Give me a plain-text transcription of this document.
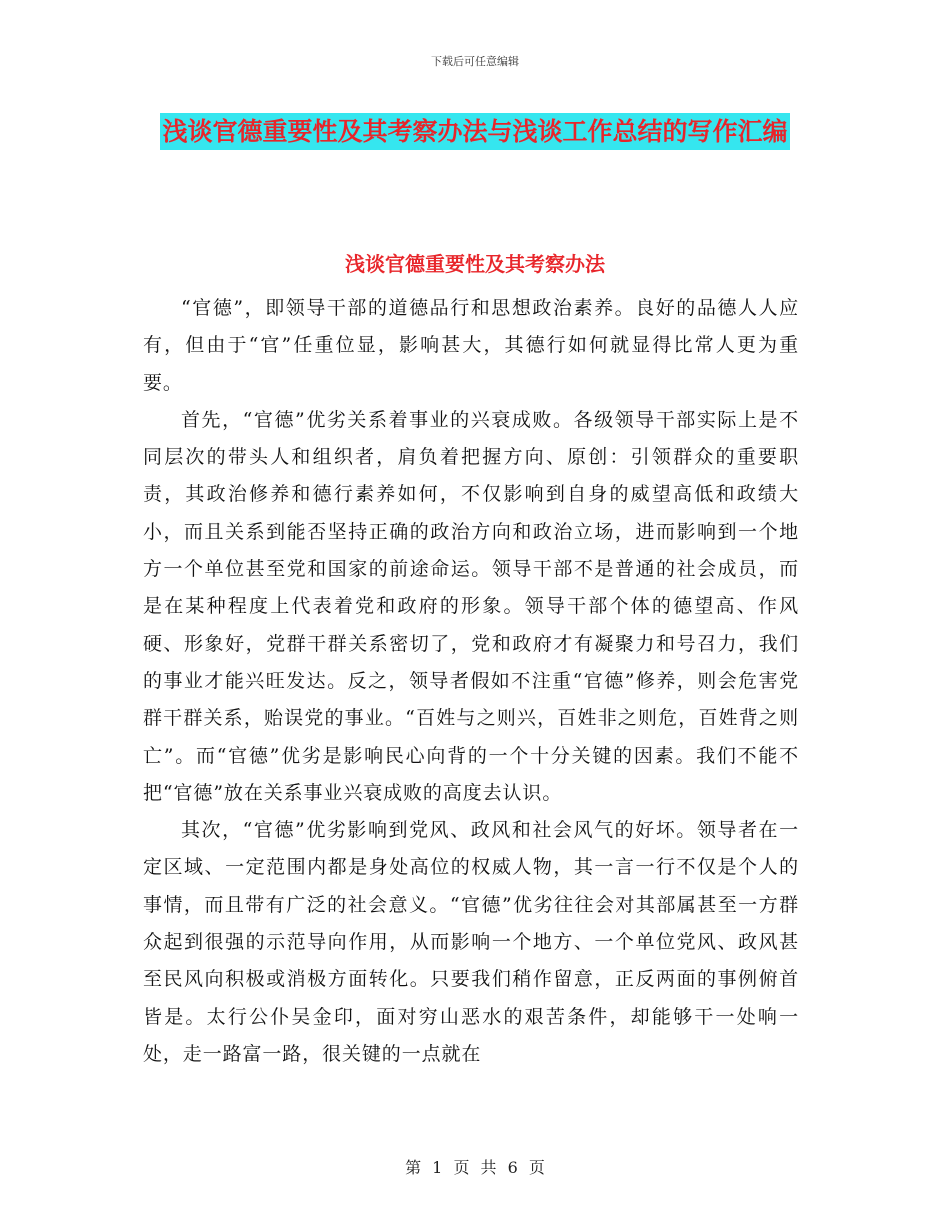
下载后可任意编辑
浅谈官德重要性及其考察办法与浅谈工作总结的写作汇编
浅谈官德重要性及其考察办法

“官德”，即领导干部的道德品行和思想政治素养。良好的品德人人应有，但由于“官”任重位显，影响甚大，其德行如何就显得比常人更为重要。

首先，“官德”优劣关系着事业的兴衰成败。各级领导干部实际上是不同层次的带头人和组织者，肩负着把握方向、原创：引领群众的重要职责，其政治修养和德行素养如何，不仅影响到自身的威望高低和政绩大小，而且关系到能否坚持正确的政治方向和政治立场，进而影响到一个地方一个单位甚至党和国家的前途命运。领导干部不是普通的社会成员，而是在某种程度上代表着党和政府的形象。领导干部个体的德望高、作风硬、形象好，党群干群关系密切了，党和政府才有凝聚力和号召力，我们的事业才能兴旺发达。反之，领导者假如不注重“官德”修养，则会危害党群干群关系，贻误党的事业。“百姓与之则兴，百姓非之则危，百姓背之则亡”。而“官德”优劣是影响民心向背的一个十分关键的因素。我们不能不把“官德”放在关系事业兴衰成败的高度去认识。

其次，“官德”优劣影响到党风、政风和社会风气的好坏。领导者在一定区域、一定范围内都是身处高位的权威人物，其一言一行不仅是个人的事情，而且带有广泛的社会意义。“官德”优劣往往会对其部属甚至一方群众起到很强的示范导向作用，从而影响一个地方、一个单位党风、政风甚至民风向积极或消极方面转化。只要我们稍作留意，正反两面的事例俯首皆是。太行公仆吴金印，面对穷山恶水的艰苦条件，却能够干一处响一处，走一路富一路，很关键的一点就在

第 1 页 共 6 页
